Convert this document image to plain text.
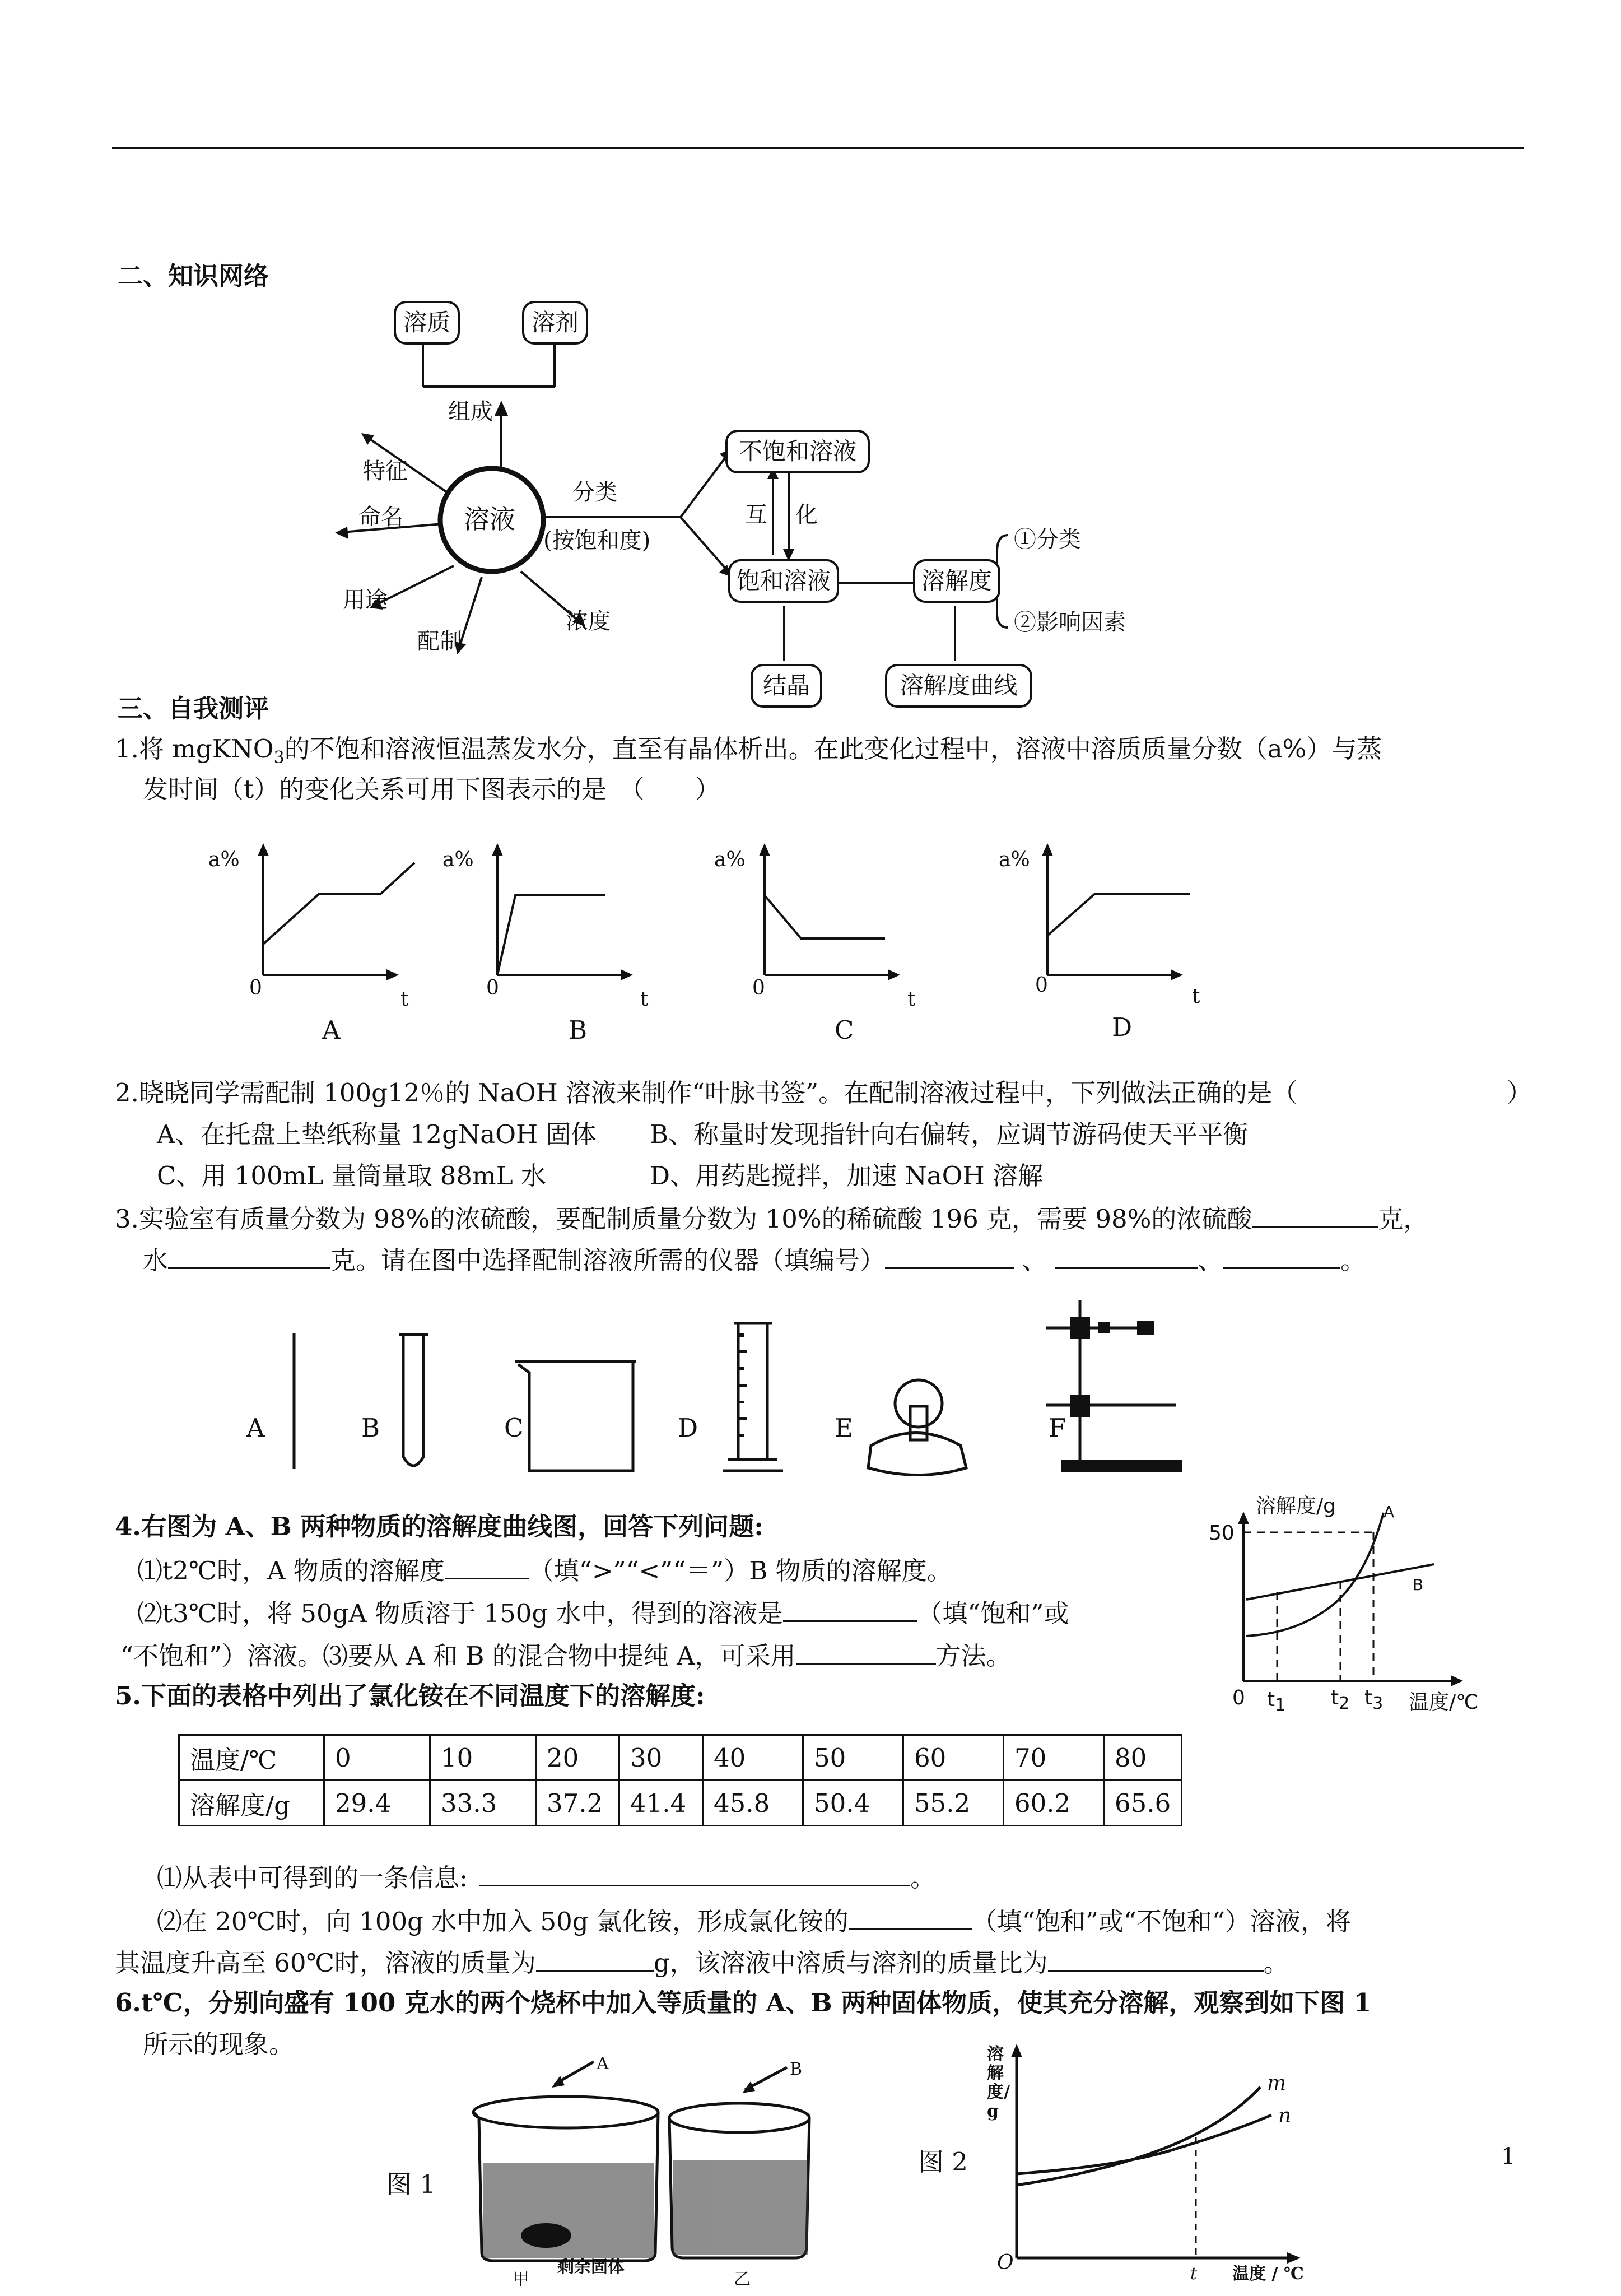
二、知识网络
溶质	溶剂
组成
溶液
特征
命名
用途
配制
浓度
分类
(按饱和度)
不饱和溶液
互 化
饱和溶液
结晶
溶解度
溶解度曲线
①分类
②影响因素
三、自我测评
1.将 mgKNO$_3$的不饱和溶液恒温蒸发水分，直至有晶体析出。在此变化过程中，溶液中溶质质量分数（a%）与蒸
发时间（t）的变化关系可用下图表示的是　（　　）
a%
0	t
A
a%
0	t
B
a%
0	t
C
a%
0	t
D
2.晓晓同学需配制 100g12％的 NaOH 溶液来制作“叶脉书签”。在配制溶液过程中，下列做法正确的是（	）
A、在托盘上垫纸称量 12gNaOH 固体 B、称量时发现指针向右偏转，应调节游码使天平平衡
C、用 100mL 量筒量取 88mL 水	D、用药匙搅拌，加速 NaOH 溶解
3.实验室有质量分数为 98%的浓硫酸，要配制质量分数为 10%的稀硫酸 196 克，需要 98%的浓硫酸	克，
水	克。请在图中选择配制溶液所需的仪器（填编号）	、	、	。
A	B	C	D	E	F
4.右图为 A、B 两种物质的溶解度曲线图，回答下列问题:
⑴t2℃时，A 物质的溶解度	（填“>”“<”“＝”）B 物质的溶解度。
⑵t3℃时，将 50gA 物质溶于 150g 水中，得到的溶液是	（填“饱和”或
“不饱和”）溶液。⑶要从 A 和 B 的混合物中提纯 A，可采用	方法。
溶解度/g
50
A
B
0 $t_1$ $t_2$ $t_3$ 温度/℃
5.下面的表格中列出了氯化铵在不同温度下的溶解度:
温度/℃	0	10	20	30	40	50	60	70	80
溶解度/g	29.4	33.3	37.2	41.4	45.8	50.4	55.2	60.2	65.6
⑴从表中可得到的一条信息:	。
⑵在 20℃时，向 100g 水中加入 50g 氯化铵，形成氯化铵的	（填“饱和”或“不饱和“）溶液，将
其温度升高至 60℃时，溶液的质量为	g，该溶液中溶质与溶剂的质量比为	。
6.t℃，分别向盛有 100 克水的两个烧杯中加入等质量的 A、B 两种固体物质，使其充分溶解，观察到如下图 1
所示的现象。
图 1
A	B
剩余固体
甲	乙
图 2
溶解度/g
O	t 温度 / ℃
m
n
1
